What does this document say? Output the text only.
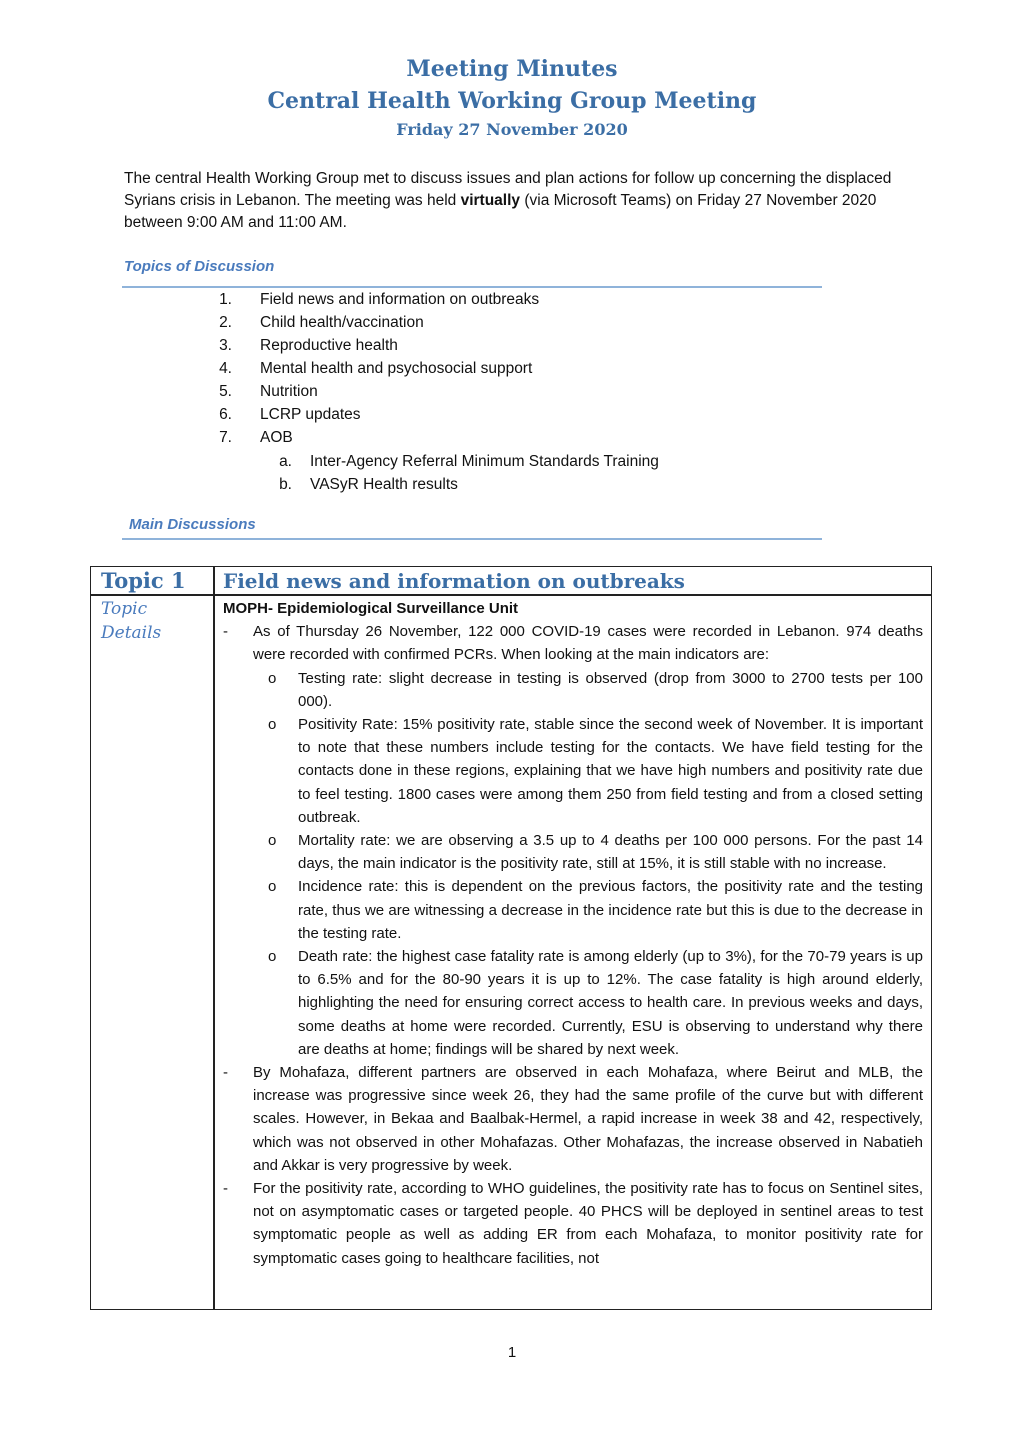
Meeting Minutes
Central Health Working Group Meeting
Friday 27 November 2020
The central Health Working Group met to discuss issues and plan actions for follow up concerning the displaced Syrians crisis in Lebanon. The meeting was held virtually (via Microsoft Teams) on Friday 27 November 2020 between 9:00 AM and 11:00 AM.
Topics of Discussion
1. Field news and information on outbreaks
2. Child health/vaccination
3. Reproductive health
4. Mental health and psychosocial support
5. Nutrition
6. LCRP updates
7. AOB
a. Inter-Agency Referral Minimum Standards Training
b. VASyR Health results
Main Discussions
Topic 1 Field news and information on outbreaks
Topic
Details
MOPH- Epidemiological Surveillance Unit
- As of Thursday 26 November, 122 000 COVID-19 cases were recorded in Lebanon. 974 deaths were recorded with confirmed PCRs. When looking at the main indicators are:
o Testing rate: slight decrease in testing is observed (drop from 3000 to 2700 tests per 100 000).
o Positivity Rate: 15% positivity rate, stable since the second week of November. It is important to note that these numbers include testing for the contacts. We have field testing for the contacts done in these regions, explaining that we have high numbers and positivity rate due to feel testing. 1800 cases were among them 250 from field testing and from a closed setting outbreak.
o Mortality rate: we are observing a 3.5 up to 4 deaths per 100 000 persons. For the past 14 days, the main indicator is the positivity rate, still at 15%, it is still stable with no increase.
o Incidence rate: this is dependent on the previous factors, the positivity rate and the testing rate, thus we are witnessing a decrease in the incidence rate but this is due to the decrease in the testing rate.
o Death rate: the highest case fatality rate is among elderly (up to 3%), for the 70-79 years is up to 6.5% and for the 80-90 years it is up to 12%. The case fatality is high around elderly, highlighting the need for ensuring correct access to health care. In previous weeks and days, some deaths at home were recorded. Currently, ESU is observing to understand why there are deaths at home; findings will be shared by next week.
- By Mohafaza, different partners are observed in each Mohafaza, where Beirut and MLB, the increase was progressive since week 26, they had the same profile of the curve but with different scales. However, in Bekaa and Baalbak-Hermel, a rapid increase in week 38 and 42, respectively, which was not observed in other Mohafazas. Other Mohafazas, the increase observed in Nabatieh and Akkar is very progressive by week.
- For the positivity rate, according to WHO guidelines, the positivity rate has to focus on Sentinel sites, not on asymptomatic cases or targeted people. 40 PHCS will be deployed in sentinel areas to test symptomatic people as well as adding ER from each Mohafaza, to monitor positivity rate for symptomatic cases going to healthcare facilities, not
1
